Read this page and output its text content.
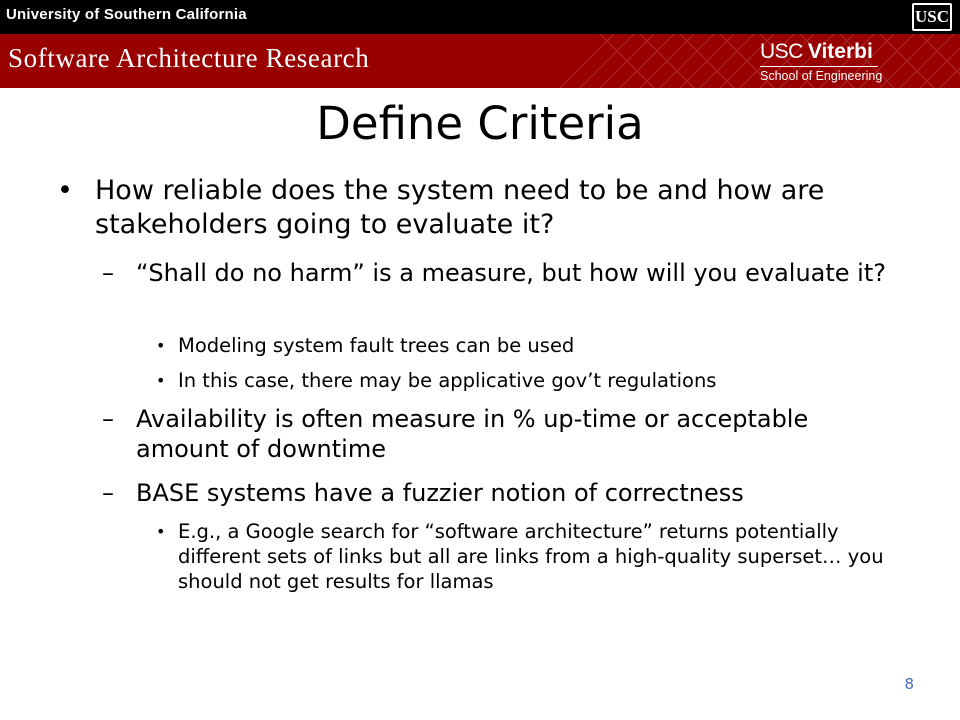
University of Southern California	USC
Software Architecture Research	USC Viterbi
School of Engineering
Define Criteria
• How reliable does the system need to be and how are stakeholders going to evaluate it?
– “Shall do no harm” is a measure, but how will you evaluate it?
• Modeling system fault trees can be used
• In this case, there may be applicative gov’t regulations
– Availability is often measure in % up-time or acceptable amount of downtime
– BASE systems have a fuzzier notion of correctness
• E.g., a Google search for “software architecture” returns potentially different sets of links but all are links from a high-quality superset… you should not get results for llamas
8
